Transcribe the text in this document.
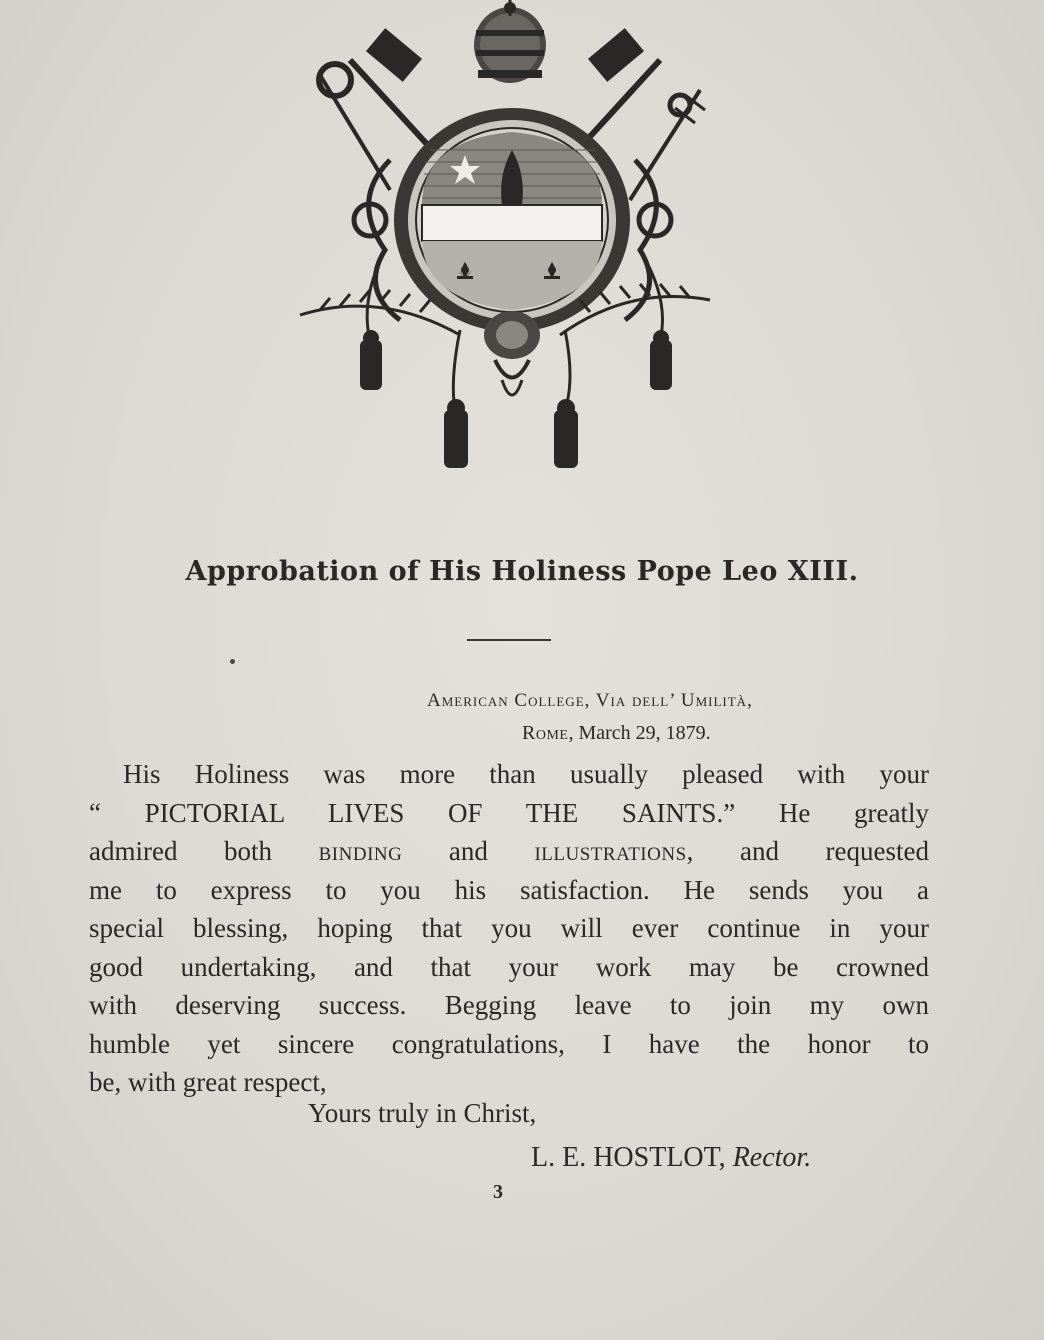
Approbation of His Holiness Pope Leo XIII.
American College, Via dell’ Umilità,
Rome, March 29, 1879.
His Holiness was more than usually pleased with your
“ PICTORIAL LIVES OF THE SAINTS.” He greatly
admired both binding and illustrations, and requested
me to express to you his satisfaction. He sends you a
special blessing, hoping that you will ever continue in your
good undertaking, and that your work may be crowned
with deserving success. Begging leave to join my own
humble yet sincere congratulations, I have the honor to
be, with great respect,
Yours truly in Christ,
L. E. HOSTLOT, Rector.
3
